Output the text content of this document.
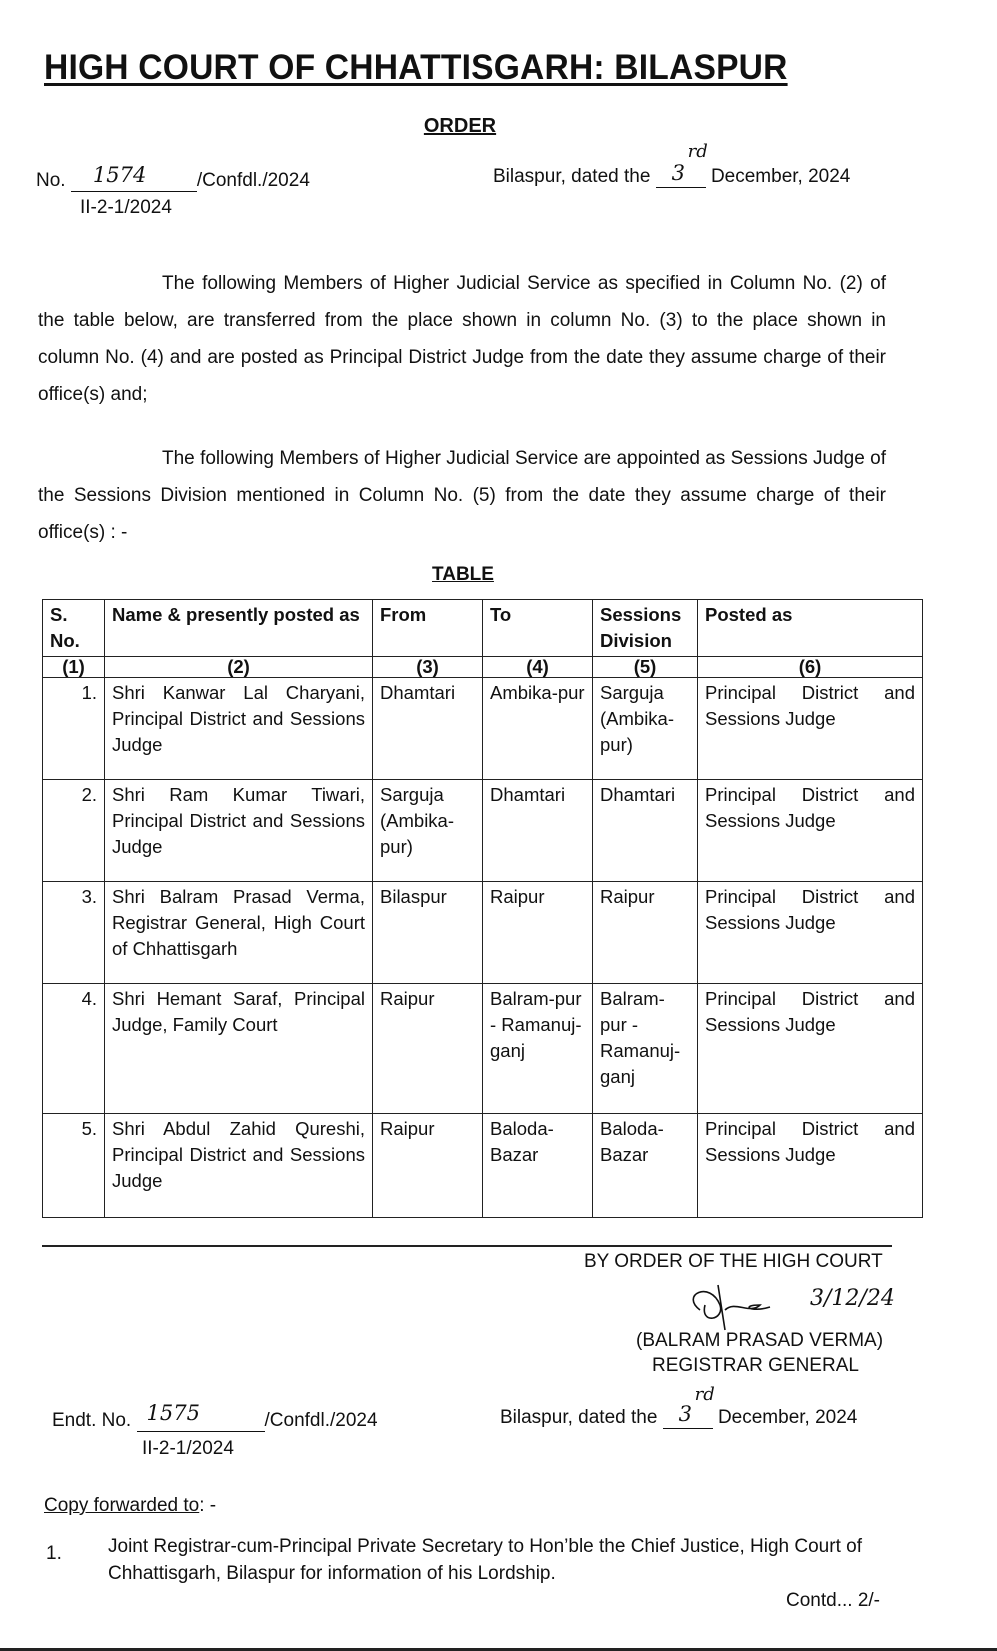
HIGH COURT OF CHHATTISGARH: BILASPUR
ORDER
No. 1574	/Confdl./2024
II-2-1/2024
Bilaspur, dated the 3
rd
December, 2024
The following Members of Higher Judicial Service as specified in Column No. (2) of the table below, are transferred from the place shown in column No. (3) to the place shown in column No. (4) and are posted as Principal District Judge from the date they assume charge of their office(s) and;
The following Members of Higher Judicial Service are appointed as Sessions Judge of the Sessions Division mentioned in Column No. (5) from the date they assume charge of their office(s) : -
TABLE
S. No.	Name & presently posted as	From	To	Sessions Division	Posted as
(1)	(2)	(3)	(4)	(5)	(6)
1.	Shri Kanwar Lal Charyani, Principal District and Sessions Judge	Dhamtari	Ambika-pur	Sarguja (Ambika-pur)	Principal District and Sessions Judge
2.	Shri Ram Kumar Tiwari, Principal District and Sessions Judge	Sarguja (Ambika-pur)	Dhamtari	Dhamtari	Principal District and Sessions Judge
3.	Shri Balram Prasad Verma, Registrar General, High Court of Chhattisgarh	Bilaspur	Raipur	Raipur	Principal District and Sessions Judge
4.	Shri Hemant Saraf, Principal Judge, Family Court	Raipur	Balram-pur - Ramanuj-ganj	Balram-pur - Ramanuj-ganj	Principal District and Sessions Judge
5.	Shri Abdul Zahid Qureshi, Principal District and Sessions Judge	Raipur	Baloda-Bazar	Baloda-Bazar	Principal District and Sessions Judge
BY ORDER OF THE HIGH COURT
3/12/24
(BALRAM PRASAD VERMA)
REGISTRAR GENERAL
Endt. No. 1575	/Confdl./2024
II-2-1/2024
Bilaspur, dated the 3
rd
December, 2024
Copy forwarded to: -
1. Joint Registrar-cum-Principal Private Secretary to Hon’ble the Chief Justice, High Court of Chhattisgarh, Bilaspur for information of his Lordship.
Contd... 2/-
